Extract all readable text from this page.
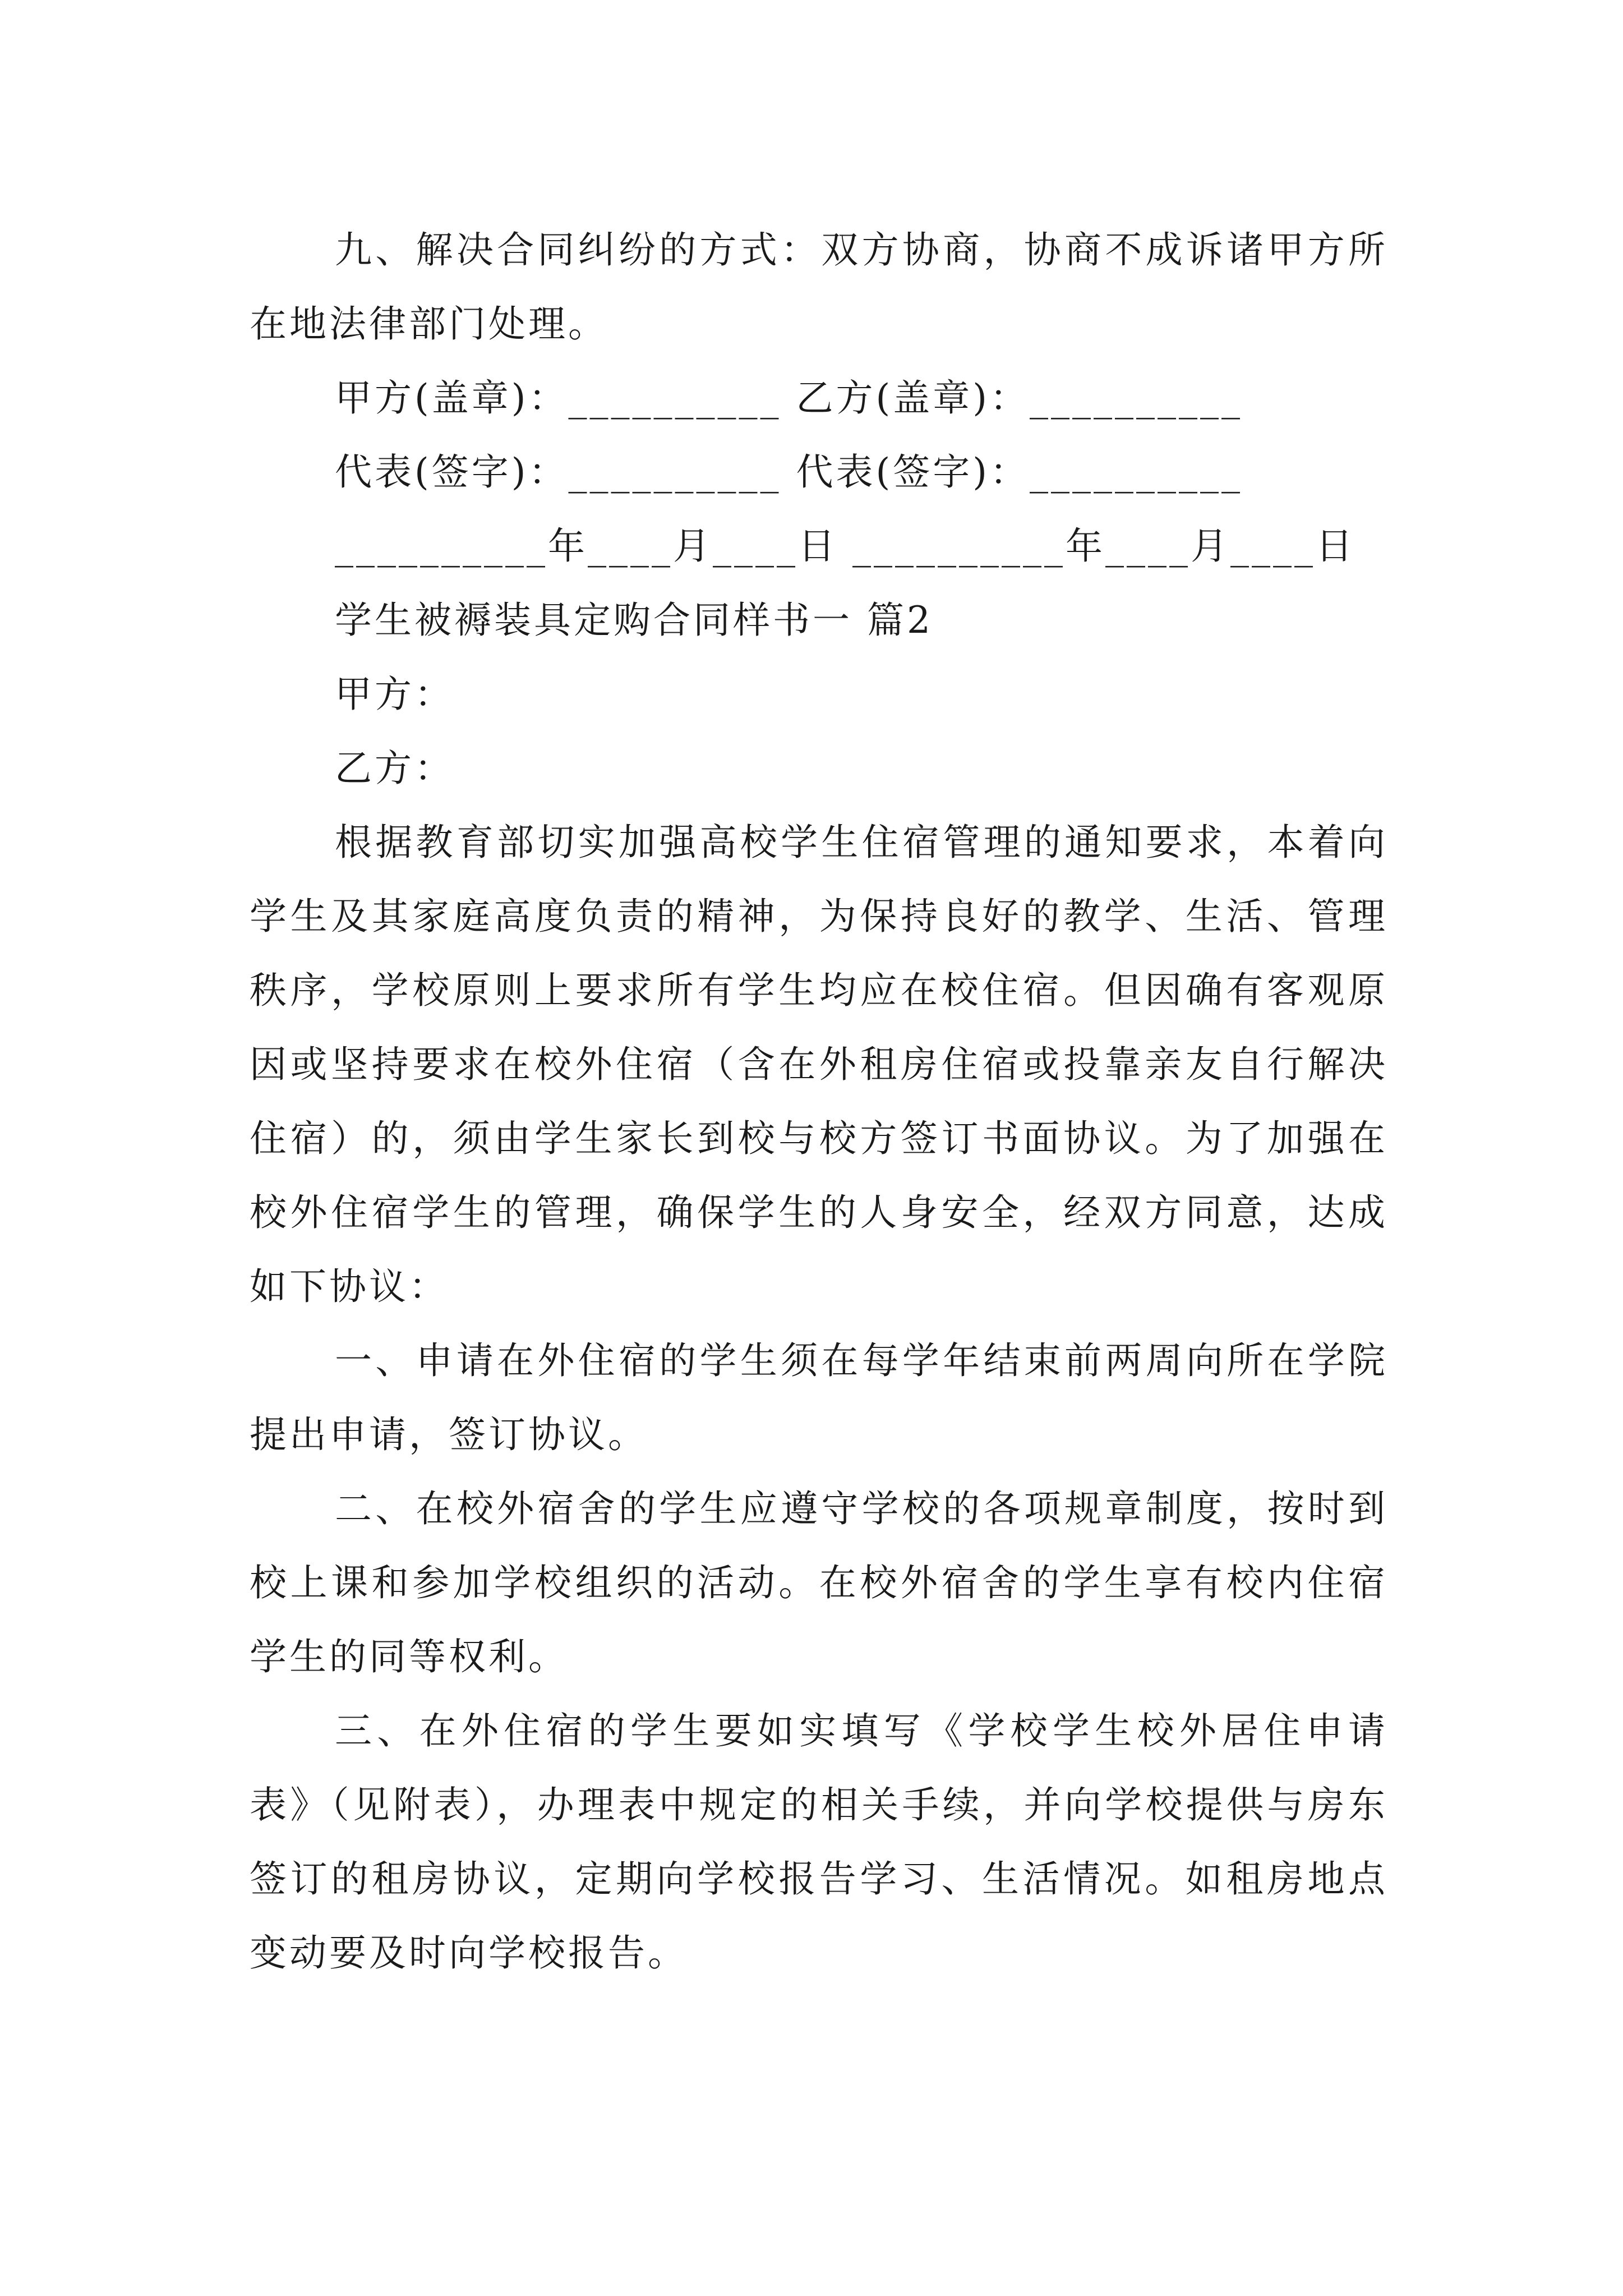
九、解决合同纠纷的方式：双方协商，协商不成诉诸甲方所在地法律部门处理。

甲方(盖章)：__________ 乙方(盖章)：__________

代表(签字)：__________ 代表(签字)：__________

__________年____月____日 __________年____月____日

学生被褥装具定购合同样书一 篇2

甲方：

乙方：

根据教育部切实加强高校学生住宿管理的通知要求，本着向学生及其家庭高度负责的精神，为保持良好的教学、生活、管理秩序，学校原则上要求所有学生均应在校住宿。但因确有客观原因或坚持要求在校外住宿（含在外租房住宿或投靠亲友自行解决住宿）的，须由学生家长到校与校方签订书面协议。为了加强在校外住宿学生的管理，确保学生的人身安全，经双方同意，达成如下协议：

一、申请在外住宿的学生须在每学年结束前两周向所在学院提出申请，签订协议。

二、在校外宿舍的学生应遵守学校的各项规章制度，按时到校上课和参加学校组织的活动。在校外宿舍的学生享有校内住宿学生的同等权利。

三、在外住宿的学生要如实填写《学校学生校外居住申请表》（见附表），办理表中规定的相关手续，并向学校提供与房东签订的租房协议，定期向学校报告学习、生活情况。如租房地点变动要及时向学校报告。
